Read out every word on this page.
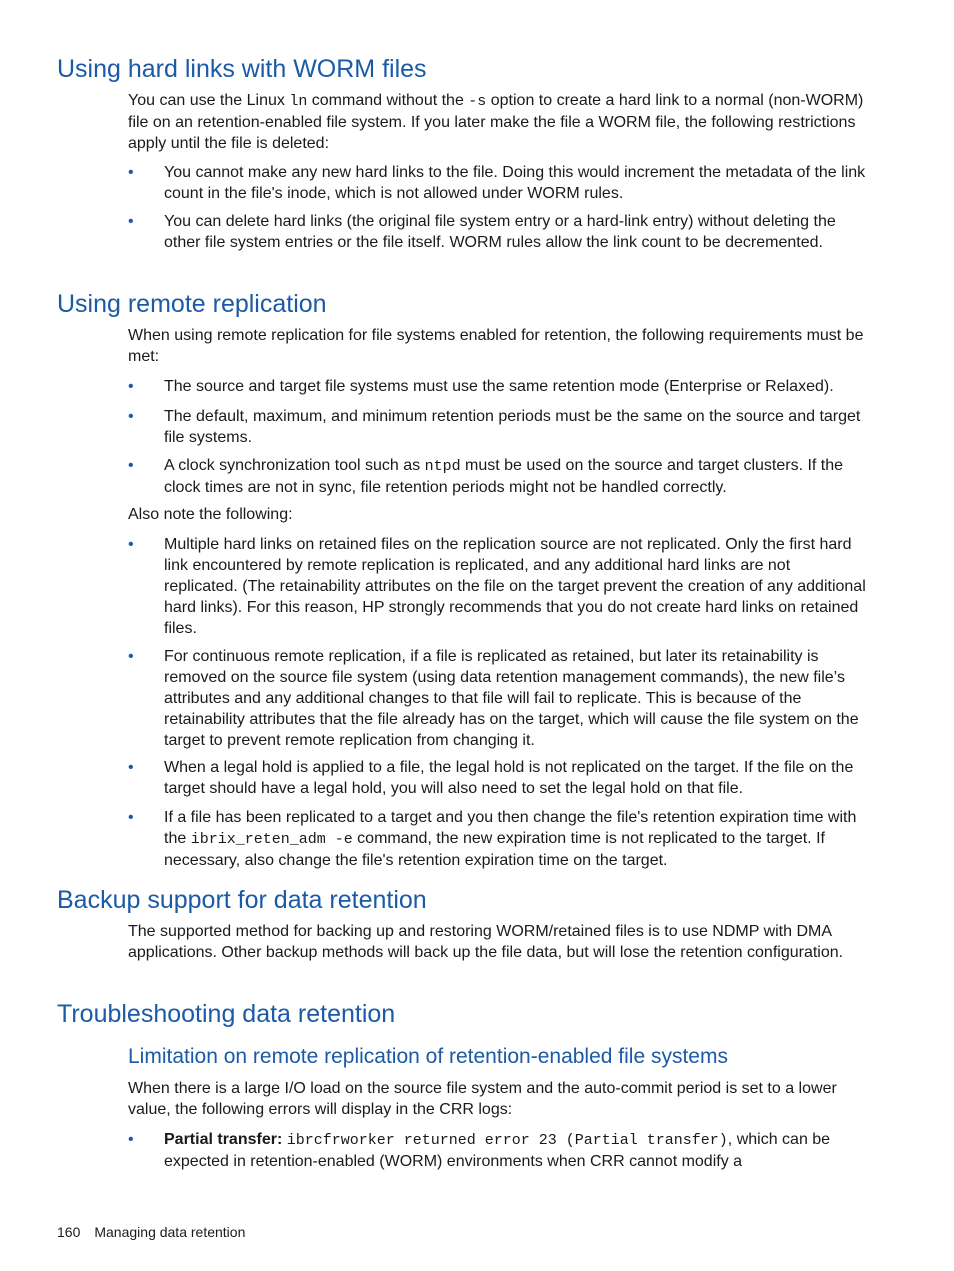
Using hard links with WORM files

You can use the Linux ln command without the -s option to create a hard link to a normal (non-WORM) file on an retention-enabled file system. If you later make the file a WORM file, the following restrictions apply until the file is deleted:

• You cannot make any new hard links to the file. Doing this would increment the metadata of the link count in the file's inode, which is not allowed under WORM rules.
• You can delete hard links (the original file system entry or a hard-link entry) without deleting the other file system entries or the file itself. WORM rules allow the link count to be decremented.
Using remote replication

When using remote replication for file systems enabled for retention, the following requirements must be met:

• The source and target file systems must use the same retention mode (Enterprise or Relaxed).
• The default, maximum, and minimum retention periods must be the same on the source and target file systems.
• A clock synchronization tool such as ntpd must be used on the source and target clusters. If the clock times are not in sync, file retention periods might not be handled correctly.

Also note the following:

• Multiple hard links on retained files on the replication source are not replicated. Only the first hard link encountered by remote replication is replicated, and any additional hard links are not replicated. (The retainability attributes on the file on the target prevent the creation of any additional hard links). For this reason, HP strongly recommends that you do not create hard links on retained files.
• For continuous remote replication, if a file is replicated as retained, but later its retainability is removed on the source file system (using data retention management commands), the new file’s attributes and any additional changes to that file will fail to replicate. This is because of the retainability attributes that the file already has on the target, which will cause the file system on the target to prevent remote replication from changing it.
• When a legal hold is applied to a file, the legal hold is not replicated on the target. If the file on the target should have a legal hold, you will also need to set the legal hold on that file.
• If a file has been replicated to a target and you then change the file's retention expiration time with the ibrix_reten_adm -e command, the new expiration time is not replicated to the target. If necessary, also change the file's retention expiration time on the target.
Backup support for data retention

The supported method for backing up and restoring WORM/retained files is to use NDMP with DMA applications. Other backup methods will back up the file data, but will lose the retention configuration.

Troubleshooting data retention
Limitation on remote replication of retention-enabled file systems

When there is a large I/O load on the source file system and the auto-commit period is set to a lower value, the following errors will display in the CRR logs:

• Partial transfer: ibrcfrworker returned error 23 (Partial transfer), which can be expected in retention-enabled (WORM) environments when CRR cannot modify a
160 Managing data retention
